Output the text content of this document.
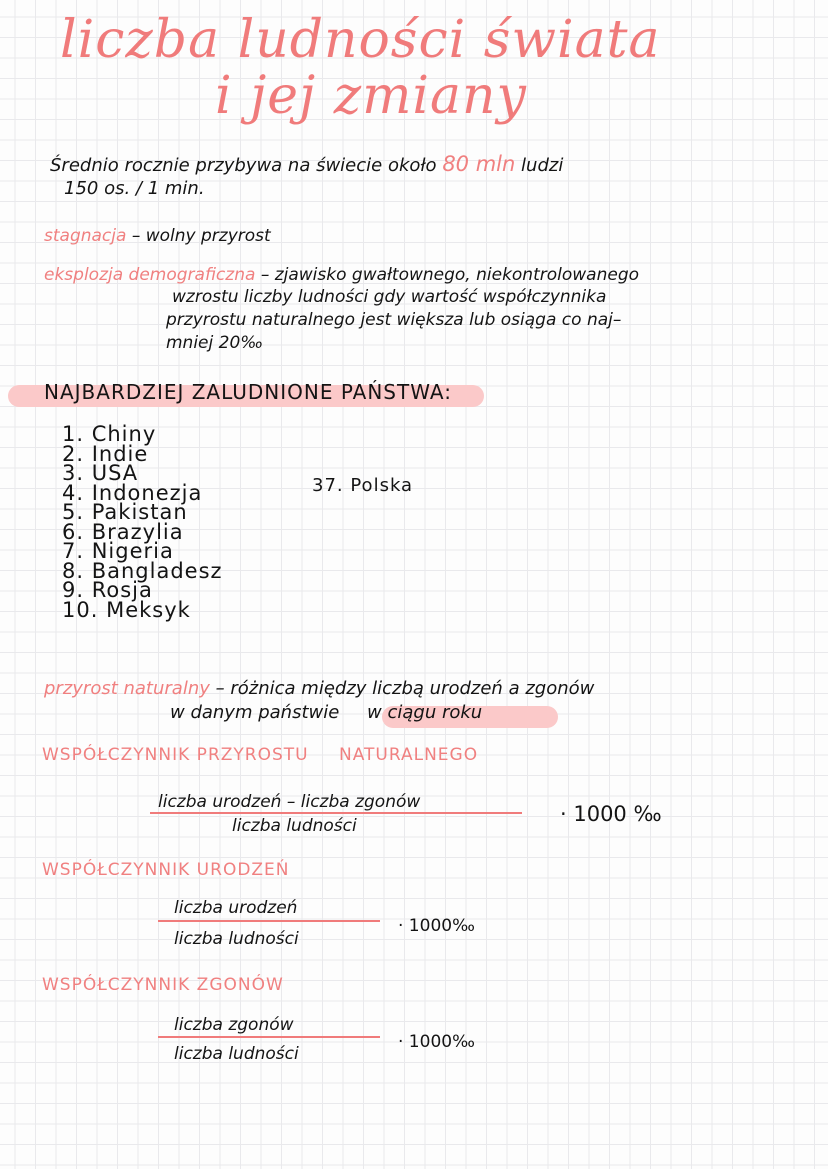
liczba ludności świata
i jej zmiany
Średnio rocznie przybywa na świecie około 80 mln ludzi
150 os. / 1 min.
stagnacja – wolny przyrost
eksplozja demograficzna – zjawisko gwałtownego, niekontrolowanego
wzrostu liczby ludności gdy wartość współczynnika
przyrostu naturalnego jest większa lub osiąga co naj–
mniej 20‰
NAJBARDZIEJ ZALUDNIONE PAŃSTWA:
1. Chiny
2. Indie
3. USA
4. Indonezja
5. Pakistan
6. Brazylia
7. Nigeria
8. Bangladesz
9. Rosja
10. Meksyk
37. Polska
przyrost naturalny – różnica między liczbą urodzeń a zgonów
w danym państwie w ciągu roku
WSPÓŁCZYNNIK PRZYROSTU NATURALNEGO
liczba urodzeń – liczba zgonów
liczba ludności	· 1000 ‰
WSPÓŁCZYNNIK URODZEŃ
liczba urodzeń
liczba ludności
· 1000‰
WSPÓŁCZYNNIK ZGONÓW
liczba zgonów
liczba ludności
· 1000‰
